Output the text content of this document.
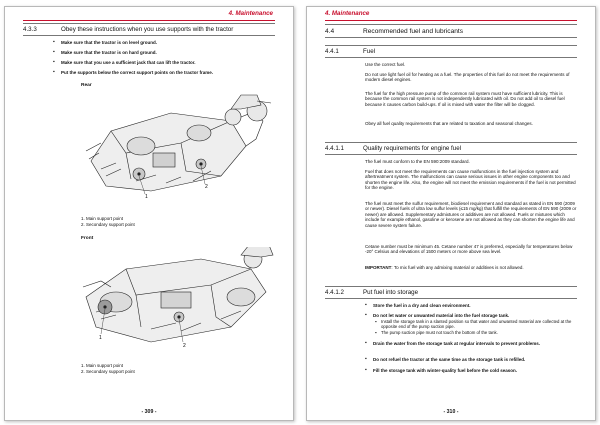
4. Maintenance
4.3.3	Obey these instructions when you use supports with the tractor
▪ Make sure that the tractor is on level ground.
▪ Make sure that the tractor is on hard ground.
▪ Make sure that you use a sufficient jack that can lift the tractor.
▪ Put the supports below the correct support points on the tractor frame.
Rear
1
2
1. Main support point
2. Secondary support point
Front
1
2
1. Main support point
2. Secondary support point
- 309 -
4. Maintenance
4.4	Recommended fuel and lubricants
4.4.1	Fuel
Use the correct fuel.
Do not use light fuel oil for heating as a fuel. The properties of this fuel do not meet the requirements of modern diesel engines.
The fuel for the high pressure pump of the common rail system must have sufficient lubricity. This is because the common rail system is not independently lubricated with oil. Do not add oil to diesel fuel because it causes carbon build-ups. If oil is mixed with water the filter will be clogged.
Obey all fuel quality requirements that are related to taxation and seasonal changes.
4.4.1.1	Quality requirements for engine fuel
The fuel must conform to the EN 590:2009 standard.
Fuel that does not meet the requirements can cause malfunctions in the fuel injection system and aftertreatment system. The malfunctions can cause serious issues in other engine components too and shorten the engine life. Also, the engine will not meet the emission requirements if the fuel is not permitted for the engine.
The fuel must meet the sulfur requirement, biodiesel requirement and standard as stated in EN 590 (2009 or newer). Diesel fuels of ultra low sulfur levels (≤15 mg/kg) that fulfill the requirements of EN 590 (2009 or newer) are allowed. Supplementary admixtures or additives are not allowed. Fuels or mixtures which include for example ethanol, gasoline or kerosene are not allowed as they can shorten the engine life and cause severe system failure.
Cetane number must be minimum 45. Cetane number 47 is preferred, especially for temperatures below -20° Celsius and elevations of 1500 meters or more above sea level.
IMPORTANT: To mix fuel with any admixing material or additives is not allowed.
4.4.1.2	Put fuel into storage
▪ Store the fuel in a dry and clean environment.
▪ Do not let water or unwanted material into the fuel storage tank.
▪ Install the storage tank in a slanted position so that water and unwanted material are collected at the opposite end of the pump suction pipe.
▪ The pump suction pipe must not touch the bottom of the tank.
▪ Drain the water from the storage tank at regular intervals to prevent problems.
▪ Do not refuel the tractor at the same time as the storage tank is refilled.
▪ Fill the storage tank with winter-quality fuel before the cold season.
- 310 -
